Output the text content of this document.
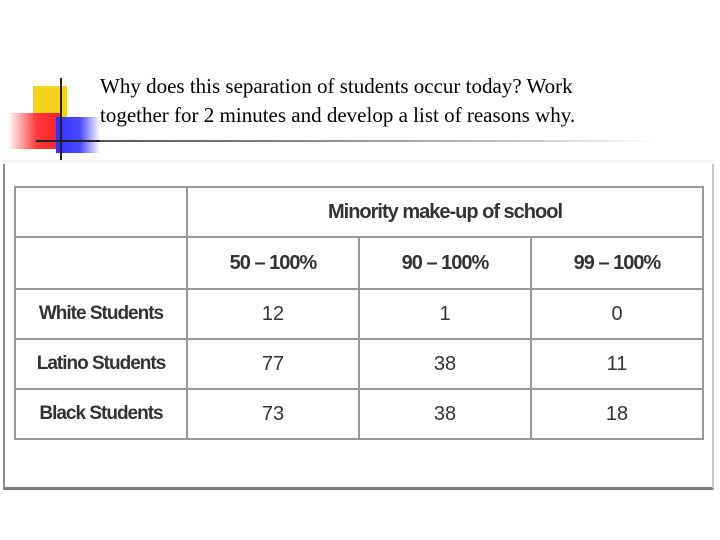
Why does this separation of students occur today? Work
together for 2 minutes and develop a list of reasons why.
	Minority make-up of school		
	50 – 100%	90 – 100%	99 – 100%
White Students	12	1	0
Latino Students	77	38	11
Black Students	73	38	18
